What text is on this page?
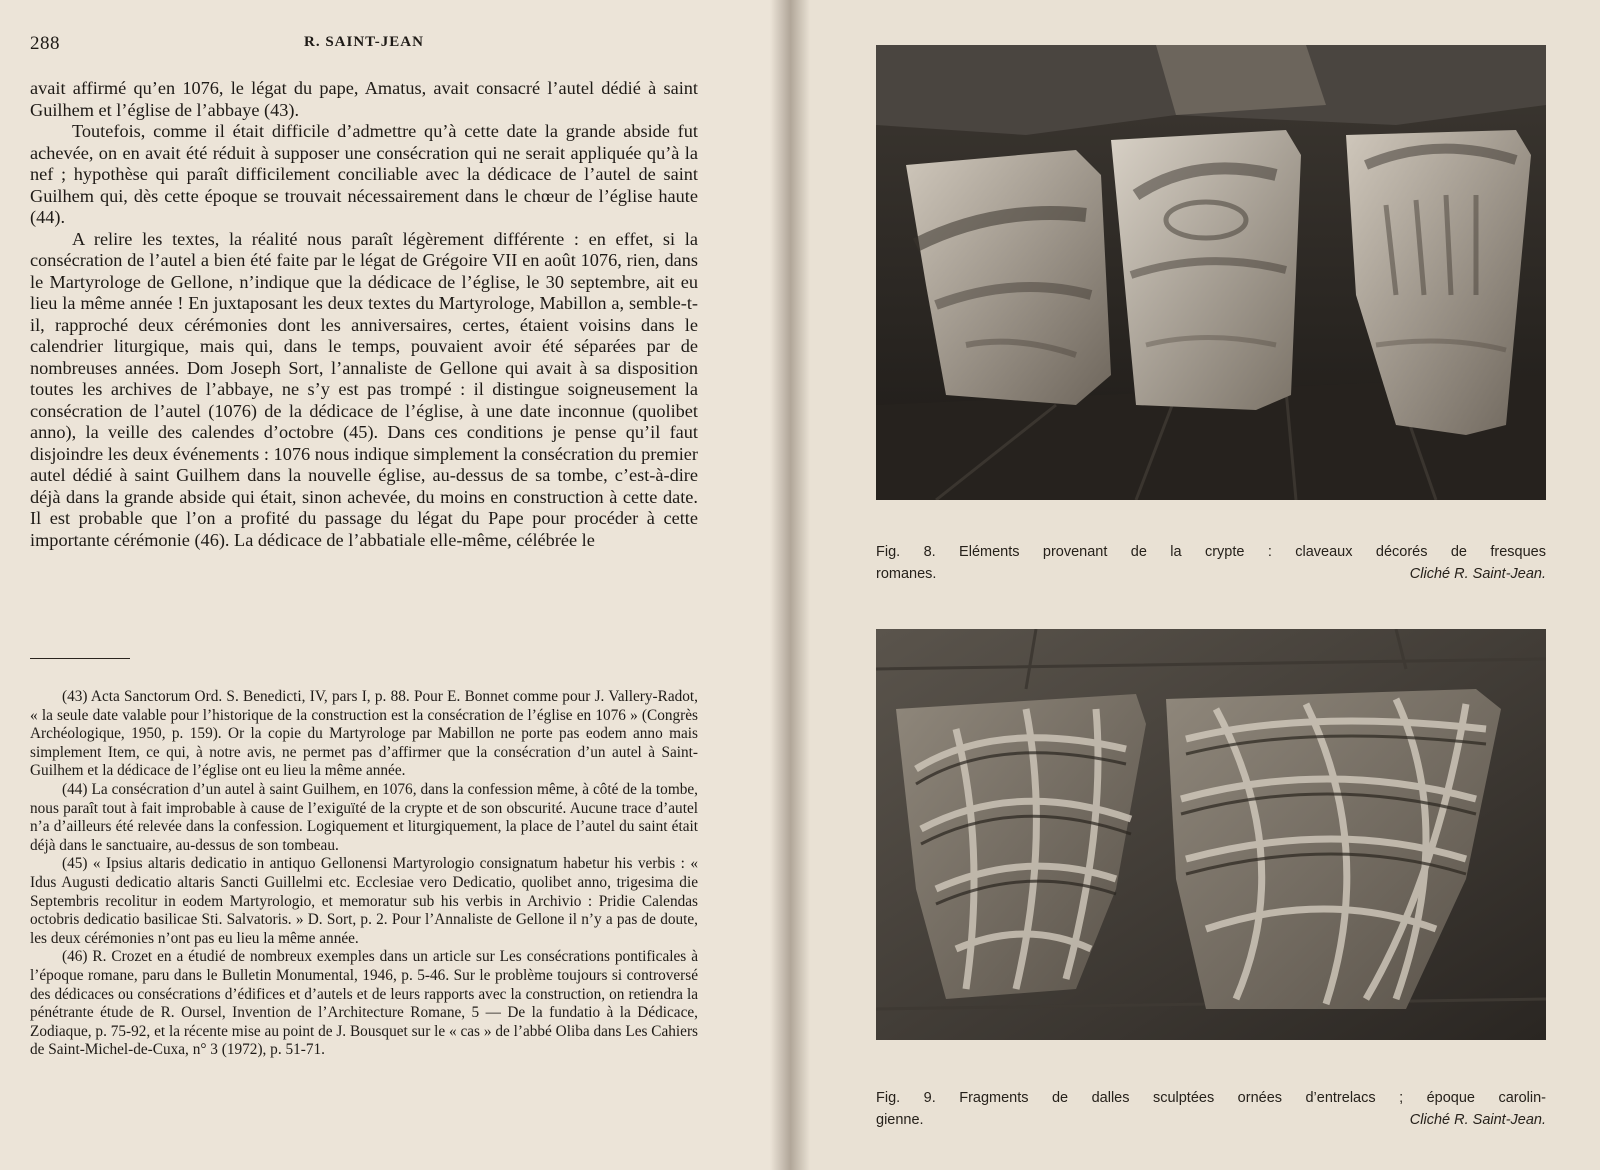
288	R. SAINT-JEAN

avait affirmé qu’en 1076, le légat du pape, Amatus, avait consacré l’autel dédié à saint Guilhem et l’église de l’abbaye (43).

Toutefois, comme il était difficile d’admettre qu’à cette date la grande abside fut achevée, on en avait été réduit à supposer une consécration qui ne serait appliquée qu’à la nef ; hypothèse qui paraît difficilement conciliable avec la dédicace de l’autel de saint Guilhem qui, dès cette époque se trouvait nécessairement dans le chœur de l’église haute (44).

A relire les textes, la réalité nous paraît légèrement différente : en effet, si la consécration de l’autel a bien été faite par le légat de Grégoire VII en août 1076, rien, dans le Martyrologe de Gellone, n’indique que la dédicace de l’église, le 30 septembre, ait eu lieu la même année ! En juxtaposant les deux textes du Martyrologe, Mabillon a, semble-t-il, rapproché deux cérémonies dont les anniversaires, certes, étaient voisins dans le calendrier liturgique, mais qui, dans le temps, pouvaient avoir été séparées par de nombreuses années. Dom Joseph Sort, l’annaliste de Gellone qui avait à sa disposition toutes les archives de l’abbaye, ne s’y est pas trompé : il distingue soigneusement la consécration de l’autel (1076) de la dédicace de l’église, à une date inconnue (quolibet anno), la veille des calendes d’octobre (45). Dans ces conditions je pense qu’il faut disjoindre les deux événements : 1076 nous indique simplement la consécration du premier autel dédié à saint Guilhem dans la nouvelle église, au-dessus de sa tombe, c’est-à-dire déjà dans la grande abside qui était, sinon achevée, du moins en construction à cette date. Il est probable que l’on a profité du passage du légat du Pape pour procéder à cette importante cérémonie (46). La dédicace de l’abbatiale elle-même, célébrée le

(43) Acta Sanctorum Ord. S. Benedicti, IV, pars I, p. 88. Pour E. Bonnet comme pour J. Vallery-Radot, « la seule date valable pour l’historique de la construction est la consécration de l’église en 1076 » (Congrès Archéologique, 1950, p. 159). Or la copie du Martyrologe par Mabillon ne porte pas eodem anno mais simplement Item, ce qui, à notre avis, ne permet pas d’affirmer que la consécration d’un autel à Saint-Guilhem et la dédicace de l’église ont eu lieu la même année.

(44) La consécration d’un autel à saint Guilhem, en 1076, dans la confession même, à côté de la tombe, nous paraît tout à fait improbable à cause de l’exiguïté de la crypte et de son obscurité. Aucune trace d’autel n’a d’ailleurs été relevée dans la confession. Logiquement et liturgiquement, la place de l’autel du saint était déjà dans le sanctuaire, au-dessus de son tombeau.

(45) « Ipsius altaris dedicatio in antiquo Gellonensi Martyrologio consignatum habetur his verbis : « Idus Augusti dedicatio altaris Sancti Guillelmi etc. Ecclesiae vero Dedicatio, quolibet anno, trigesima die Septembris recolitur in eodem Martyrologio, et memoratur sub his verbis in Archivio : Pridie Calendas octobris dedicatio basilicae Sti. Salvatoris. » D. Sort, p. 2. Pour l’Annaliste de Gellone il n’y a pas de doute, les deux cérémonies n’ont pas eu lieu la même année.

(46) R. Crozet en a étudié de nombreux exemples dans un article sur Les consécrations pontificales à l’époque romane, paru dans le Bulletin Monumental, 1946, p. 5-46. Sur le problème toujours si controversé des dédicaces ou consécrations d’édifices et d’autels et de leurs rapports avec la construction, on retiendra la pénétrante étude de R. Oursel, Invention de l’Architecture Romane, 5 — De la fundatio à la Dédicace, Zodiaque, p. 75-92, et la récente mise au point de J. Bousquet sur le « cas » de l’abbé Oliba dans Les Cahiers de Saint-Michel-de-Cuxa, n° 3 (1972), p. 51-71.

Fig. 8. Eléments provenant de la crypte : claveaux décorés de fresques
romanes.	Cliché R. Saint-Jean.
Fig. 9. Fragments de dalles sculptées ornées d’entrelacs ; époque carolin-
gienne.	Cliché R. Saint-Jean.
